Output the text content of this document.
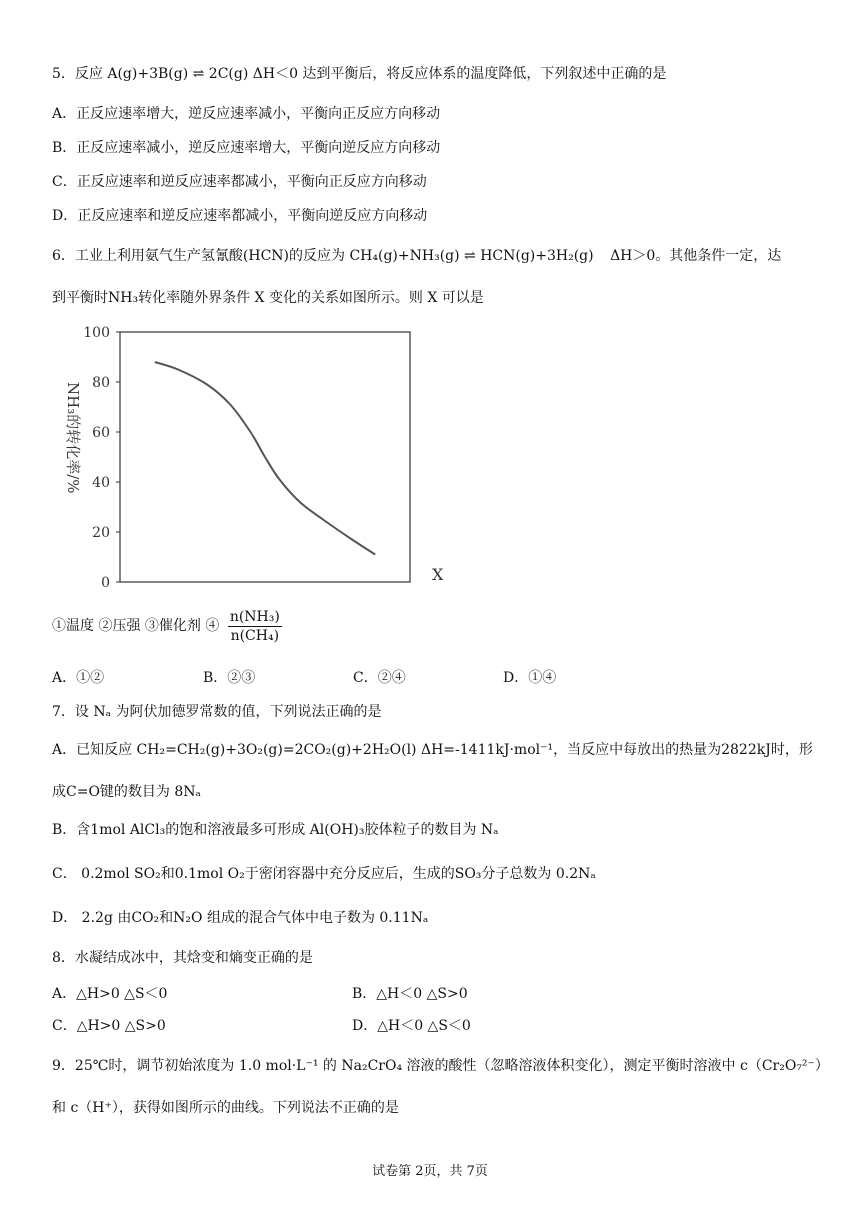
5．反应 A(g)+3B(g) ⇌ 2C(g) ΔH＜0 达到平衡后，将反应体系的温度降低，下列叙述中正确的是
A．正反应速率增大，逆反应速率减小，平衡向正反应方向移动
B．正反应速率减小，逆反应速率增大，平衡向逆反应方向移动
C．正反应速率和逆反应速率都减小，平衡向正反应方向移动
D．正反应速率和逆反应速率都减小，平衡向逆反应方向移动
6．工业上利用氨气生产氢氰酸(HCN)的反应为 CH₄(g)+NH₃(g) ⇌ HCN(g)+3H₂(g) ΔH＞0。其他条件一定，达
到平衡时NH₃转化率随外界条件 X 变化的关系如图所示。则 X 可以是
100
80
60
40
20
0
NH₃的转化率/%
X
①温度 ②压强 ③催化剂 ④ $\frac{\text{n(NH₃)}}{\text{n(CH₄)}}$
A．①②	B．②③	C．②④	D．①④
7．设 Nₐ 为阿伏加德罗常数的值，下列说法正确的是
A．已知反应 CH₂=CH₂(g)+3O₂(g)=2CO₂(g)+2H₂O(l) ΔH=-1411kJ·mol⁻¹，当反应中每放出的热量为2822kJ时，形
成C=O键的数目为 8Nₐ
B．含1mol AlCl₃的饱和溶液最多可形成 Al(OH)₃胶体粒子的数目为 Nₐ
C． 0.2mol SO₂和0.1mol O₂于密闭容器中充分反应后，生成的SO₃分子总数为 0.2Nₐ
D． 2.2g 由CO₂和N₂O 组成的混合气体中电子数为 0.11Nₐ
8．水凝结成冰中，其焓变和熵变正确的是
A．△H>0 △S＜0	B．△H＜0 △S>0
C．△H>0 △S>0	D．△H＜0 △S＜0
9．25℃时，调节初始浓度为 1.0 mol·L⁻¹ 的 Na₂CrO₄ 溶液的酸性（忽略溶液体积变化），测定平衡时溶液中 c（Cr₂O₇²⁻）
和 c（H⁺），获得如图所示的曲线。下列说法不正确的是
试卷第 2页，共 7页
